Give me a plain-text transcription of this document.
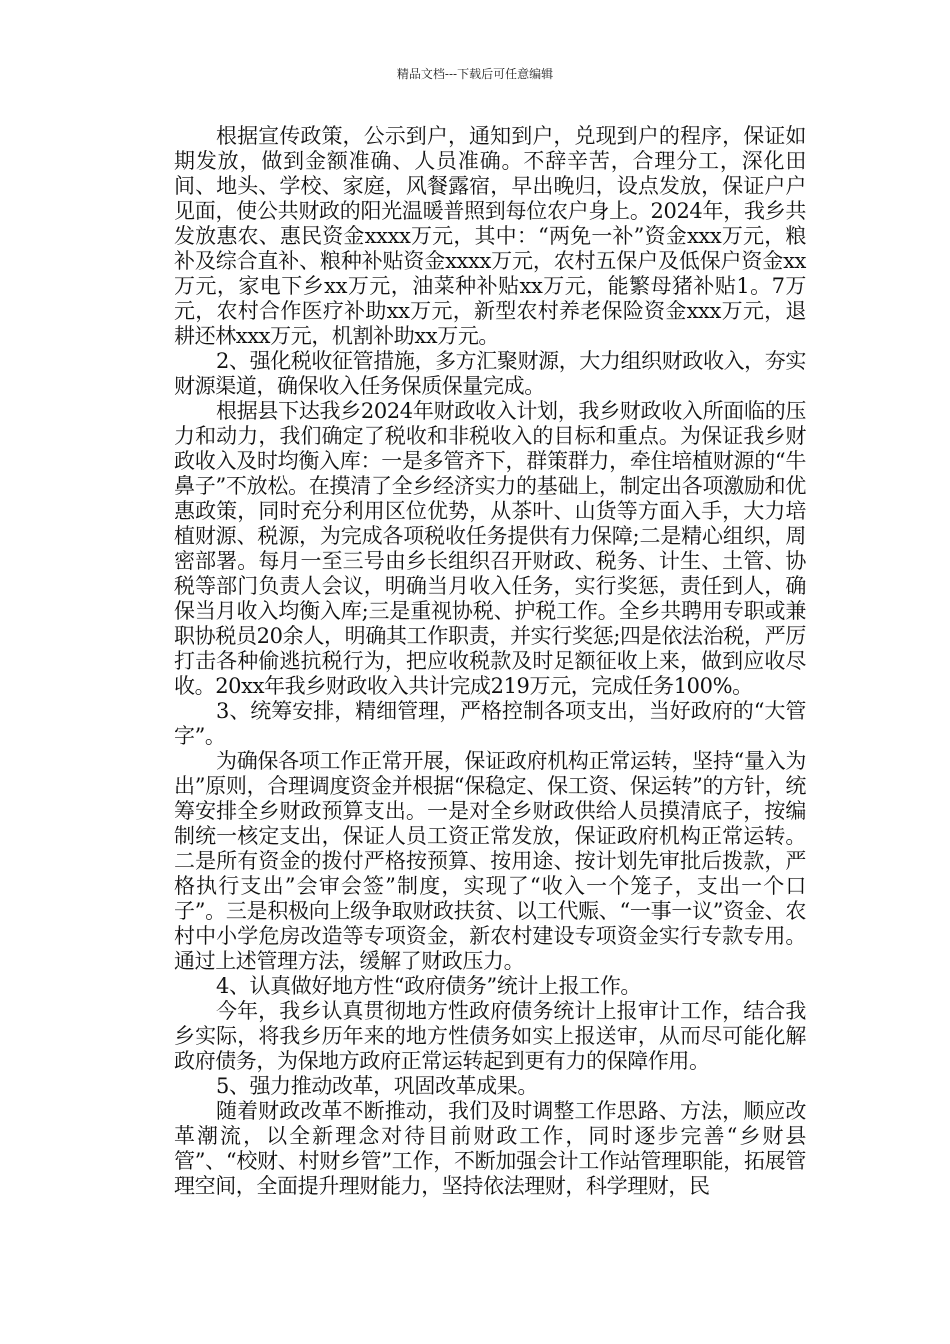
精品文档---下载后可任意编辑

根据宣传政策，公示到户，通知到户，兑现到户的程序，保证如期发放，做到金额准确、人员准确。不辞辛苦，合理分工，深化田间、地头、学校、家庭，风餐露宿，早出晚归，设点发放，保证户户见面，使公共财政的阳光温暖普照到每位农户身上。2024年，我乡共发放惠农、惠民资金xxxx万元，其中：“两免一补”资金xxx万元，粮补及综合直补、粮种补贴资金xxxx万元，农村五保户及低保户资金xx万元，家电下乡xx万元，油菜种补贴xx万元，能繁母猪补贴1。7万元，农村合作医疗补助xx万元，新型农村养老保险资金xxx万元，退耕还林xxx万元，机割补助xx万元。

2、强化税收征管措施，多方汇聚财源，大力组织财政收入，夯实财源渠道，确保收入任务保质保量完成。

根据县下达我乡2024年财政收入计划，我乡财政收入所面临的压力和动力，我们确定了税收和非税收入的目标和重点。为保证我乡财政收入及时均衡入库：一是多管齐下，群策群力，牵住培植财源的“牛鼻子”不放松。在摸清了全乡经济实力的基础上，制定出各项激励和优惠政策，同时充分利用区位优势，从茶叶、山货等方面入手，大力培植财源、税源，为完成各项税收任务提供有力保障;二是精心组织，周密部署。每月一至三号由乡长组织召开财政、税务、计生、土管、协税等部门负责人会议，明确当月收入任务，实行奖惩，责任到人，确保当月收入均衡入库;三是重视协税、护税工作。全乡共聘用专职或兼职协税员20余人，明确其工作职责，并实行奖惩;四是依法治税，严厉打击各种偷逃抗税行为，把应收税款及时足额征收上来，做到应收尽收。20xx年我乡财政收入共计完成219万元，完成任务100%。

3、统筹安排，精细管理，严格控制各项支出，当好政府的“大管字”。

为确保各项工作正常开展，保证政府机构正常运转，坚持“量入为出”原则，合理调度资金并根据“保稳定、保工资、保运转”的方针，统筹安排全乡财政预算支出。一是对全乡财政供给人员摸清底子，按编制统一核定支出，保证人员工资正常发放，保证政府机构正常运转。二是所有资金的拨付严格按预算、按用途、按计划先审批后拨款，严格执行支出”会审会签”制度，实现了“收入一个笼子，支出一个口子”。三是积极向上级争取财政扶贫、以工代赈、“一事一议”资金、农村中小学危房改造等专项资金，新农村建设专项资金实行专款专用。通过上述管理方法，缓解了财政压力。

4、认真做好地方性“政府债务”统计上报工作。

今年，我乡认真贯彻地方性政府债务统计上报审计工作，结合我乡实际，将我乡历年来的地方性债务如实上报送审，从而尽可能化解政府债务，为保地方政府正常运转起到更有力的保障作用。

5、强力推动改革，巩固改革成果。

随着财政改革不断推动，我们及时调整工作思路、方法，顺应改革潮流，以全新理念对待目前财政工作，同时逐步完善“乡财县管”、“校财、村财乡管”工作，不断加强会计工作站管理职能，拓展管理空间，全面提升理财能力，坚持依法理财，科学理财，民
